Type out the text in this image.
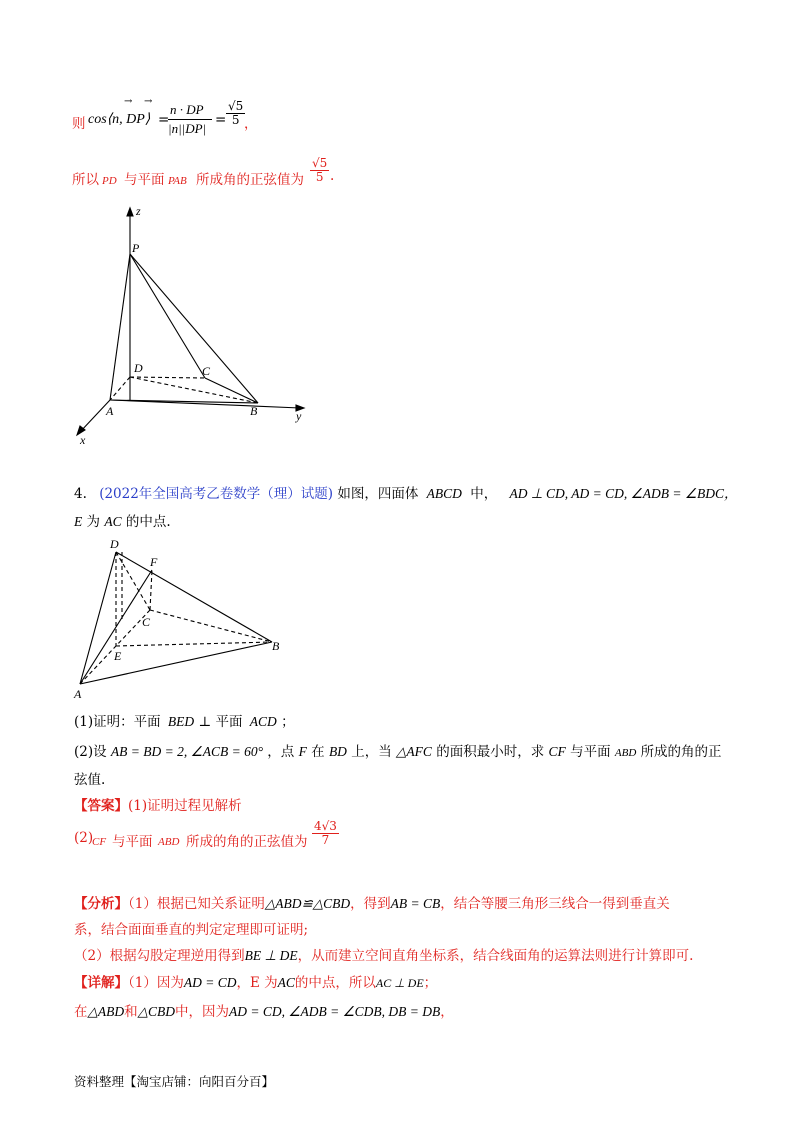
则 cos⟨n, DP⟩
→ →
=
n · DP
|n||DP|
= $\frac{√5}{5}$
，
所以 PD 与平面 PAB 所成角的正弦值为 $\frac{√5}{5}$ .
z
P
D	C
A	B	y
x
4. (2022年全国高考乙卷数学（理）试题) 如图，四面体 ABCD 中， AD ⊥ CD, AD = CD, ∠ADB = ∠BDC，
E 为 AC 的中点.
D
F
C
B
E
A
(1)证明：平面 BED ⊥ 平面 ACD ；
(2)设 AB = BD = 2, ∠ACB = 60° ，点 F 在 BD 上，当 △AFC 的面积最小时，求 CF 与平面 ABD 所成的角的正
弦值.
【答案】(1)证明过程见解析
(2)
CF 与平面 ABD 所成的角的正弦值为 $\frac{4√3}{7}$
【分析】（1）根据已知关系证明△ABD≌△CBD，得到AB = CB，结合等腰三角形三线合一得到垂直关
系，结合面面垂直的判定定理即可证明;
（2）根据勾股定理逆用得到BE ⊥ DE，从而建立空间直角坐标系，结合线面角的运算法则进行计算即可.
【详解】（1）因为AD = CD，E 为AC的中点，所以AC ⊥ DE；
在△ABD和△CBD中，因为AD = CD, ∠ADB = ∠CDB, DB = DB，
资料整理【淘宝店铺：向阳百分百】
